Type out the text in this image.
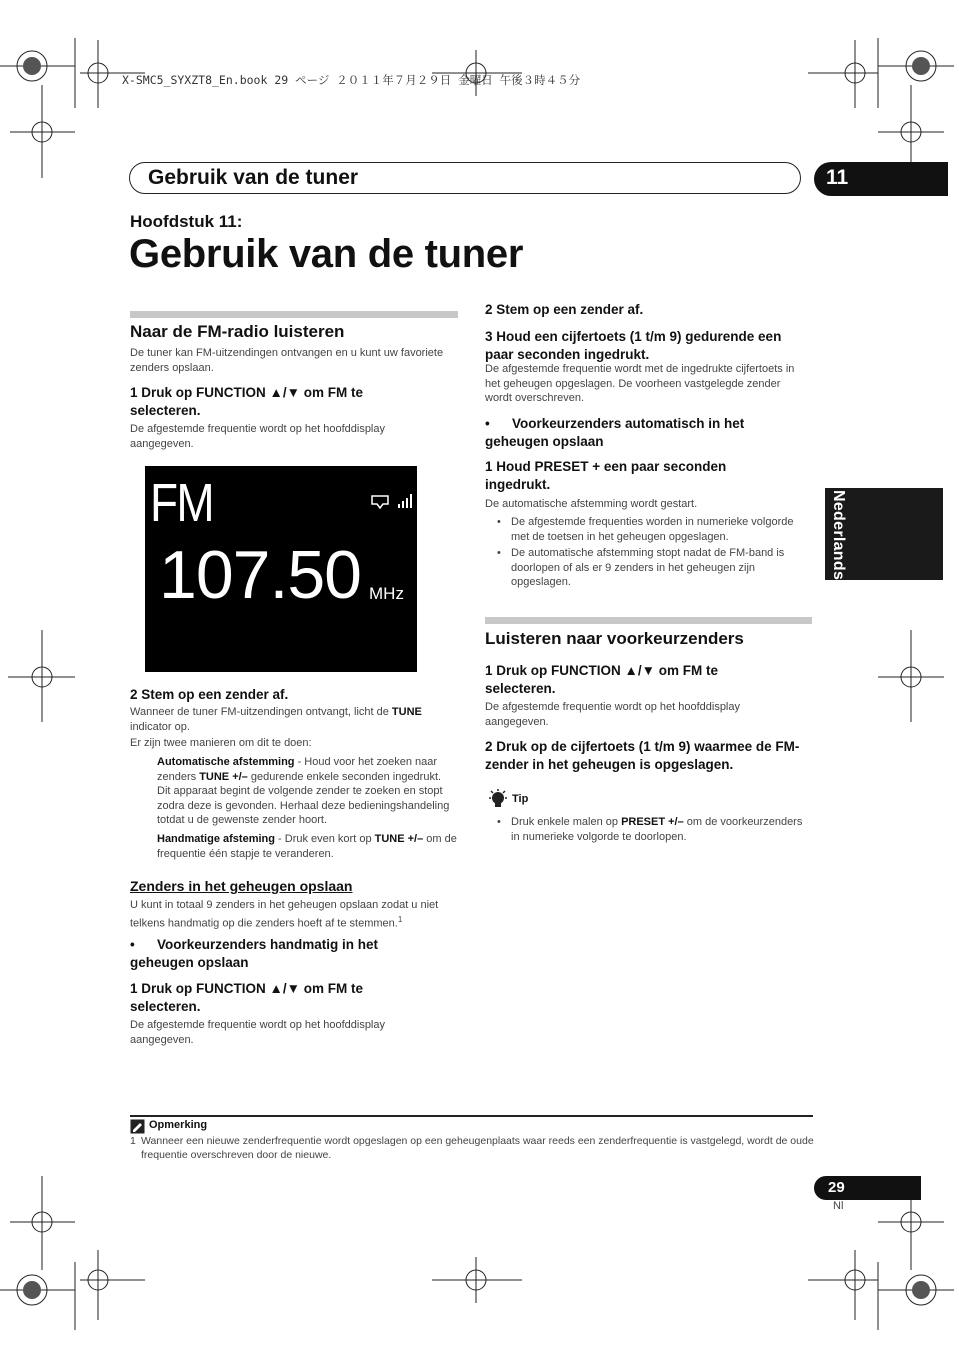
X-SMC5_SYXZT8_En.book 29 ページ ２０１１年７月２９日 金曜日 午後３時４５分
Gebruik van de tuner	11
Nederlands
Hoofdstuk 11:
Gebruik van de tuner
Naar de FM-radio luisteren
De tuner kan FM-uitzendingen ontvangen en u kunt uw favoriete zenders opslaan.
1 Druk op FUNCTION ▲/▼ om FM te selecteren.
De afgestemde frequentie wordt op het hoofddisplay aangegeven.
FM
107.50 MHz
2 Stem op een zender af.
Wanneer de tuner FM-uitzendingen ontvangt, licht de TUNE indicator op.
Er zijn twee manieren om dit te doen:
Automatische afstemming - Houd voor het zoeken naar zenders TUNE +/– gedurende enkele seconden ingedrukt. Dit apparaat begint de volgende zender te zoeken en stopt zodra deze is gevonden. Herhaal deze bedieningshandeling totdat u de gewenste zender hoort.
Handmatige afsteming - Druk even kort op TUNE +/– om de frequentie één stapje te veranderen.
Zenders in het geheugen opslaan
U kunt in totaal 9 zenders in het geheugen opslaan zodat u niet telkens handmatig op die zenders hoeft af te stemmen.$^1$
•	Voorkeurzenders handmatig in het geheugen opslaan
1 Druk op FUNCTION ▲/▼ om FM te selecteren.
De afgestemde frequentie wordt op het hoofddisplay aangegeven.
2 Stem op een zender af.
3 Houd een cijfertoets (1 t/m 9) gedurende een paar seconden ingedrukt.
De afgestemde frequentie wordt met de ingedrukte cijfertoets in het geheugen opgeslagen. De voorheen vastgelegde zender wordt overschreven.
• Voorkeurzenders automatisch in het geheugen opslaan
1 Houd PRESET + een paar seconden ingedrukt.
De automatische afstemming wordt gestart.
• De afgestemde frequenties worden in numerieke volgorde met de toetsen in het geheugen opgeslagen.
• De automatische afstemming stopt nadat de FM-band is doorlopen of als er 9 zenders in het geheugen zijn opgeslagen.
Luisteren naar voorkeurzenders
1 Druk op FUNCTION ▲/▼ om FM te selecteren.
De afgestemde frequentie wordt op het hoofddisplay aangegeven.
2 Druk op de cijfertoets (1 t/m 9) waarmee de FM-zender in het geheugen is opgeslagen.
Tip
• Druk enkele malen op PRESET +/– om de voorkeurzenders in numerieke volgorde te doorlopen.
Opmerking
1 Wanneer een nieuwe zenderfrequentie wordt opgeslagen op een geheugenplaats waar reeds een zenderfrequentie is vastgelegd, wordt de oude frequentie overschreven door de nieuwe.
29
Nl
